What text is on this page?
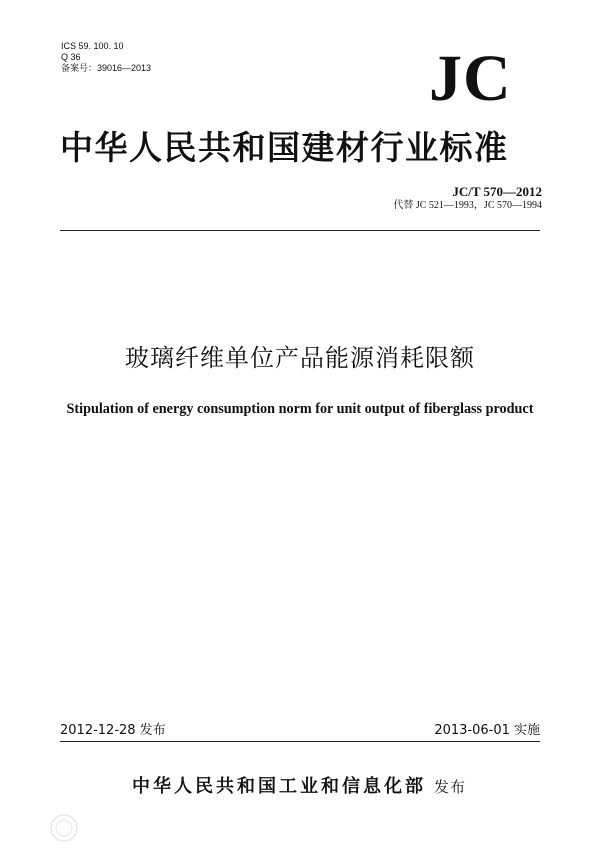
ICS 59. 100. 10
Q 36
备案号：39016—2013	JC
中华人民共和国建材行业标准
JC/T 570—2012
代替 JC 521—1993，JC 570—1994
玻璃纤维单位产品能源消耗限额
Stipulation of energy consumption norm for unit output of fiberglass product
2012-12-28 发布	2013-06-01 实施
中华人民共和国工业和信息化部 发布
